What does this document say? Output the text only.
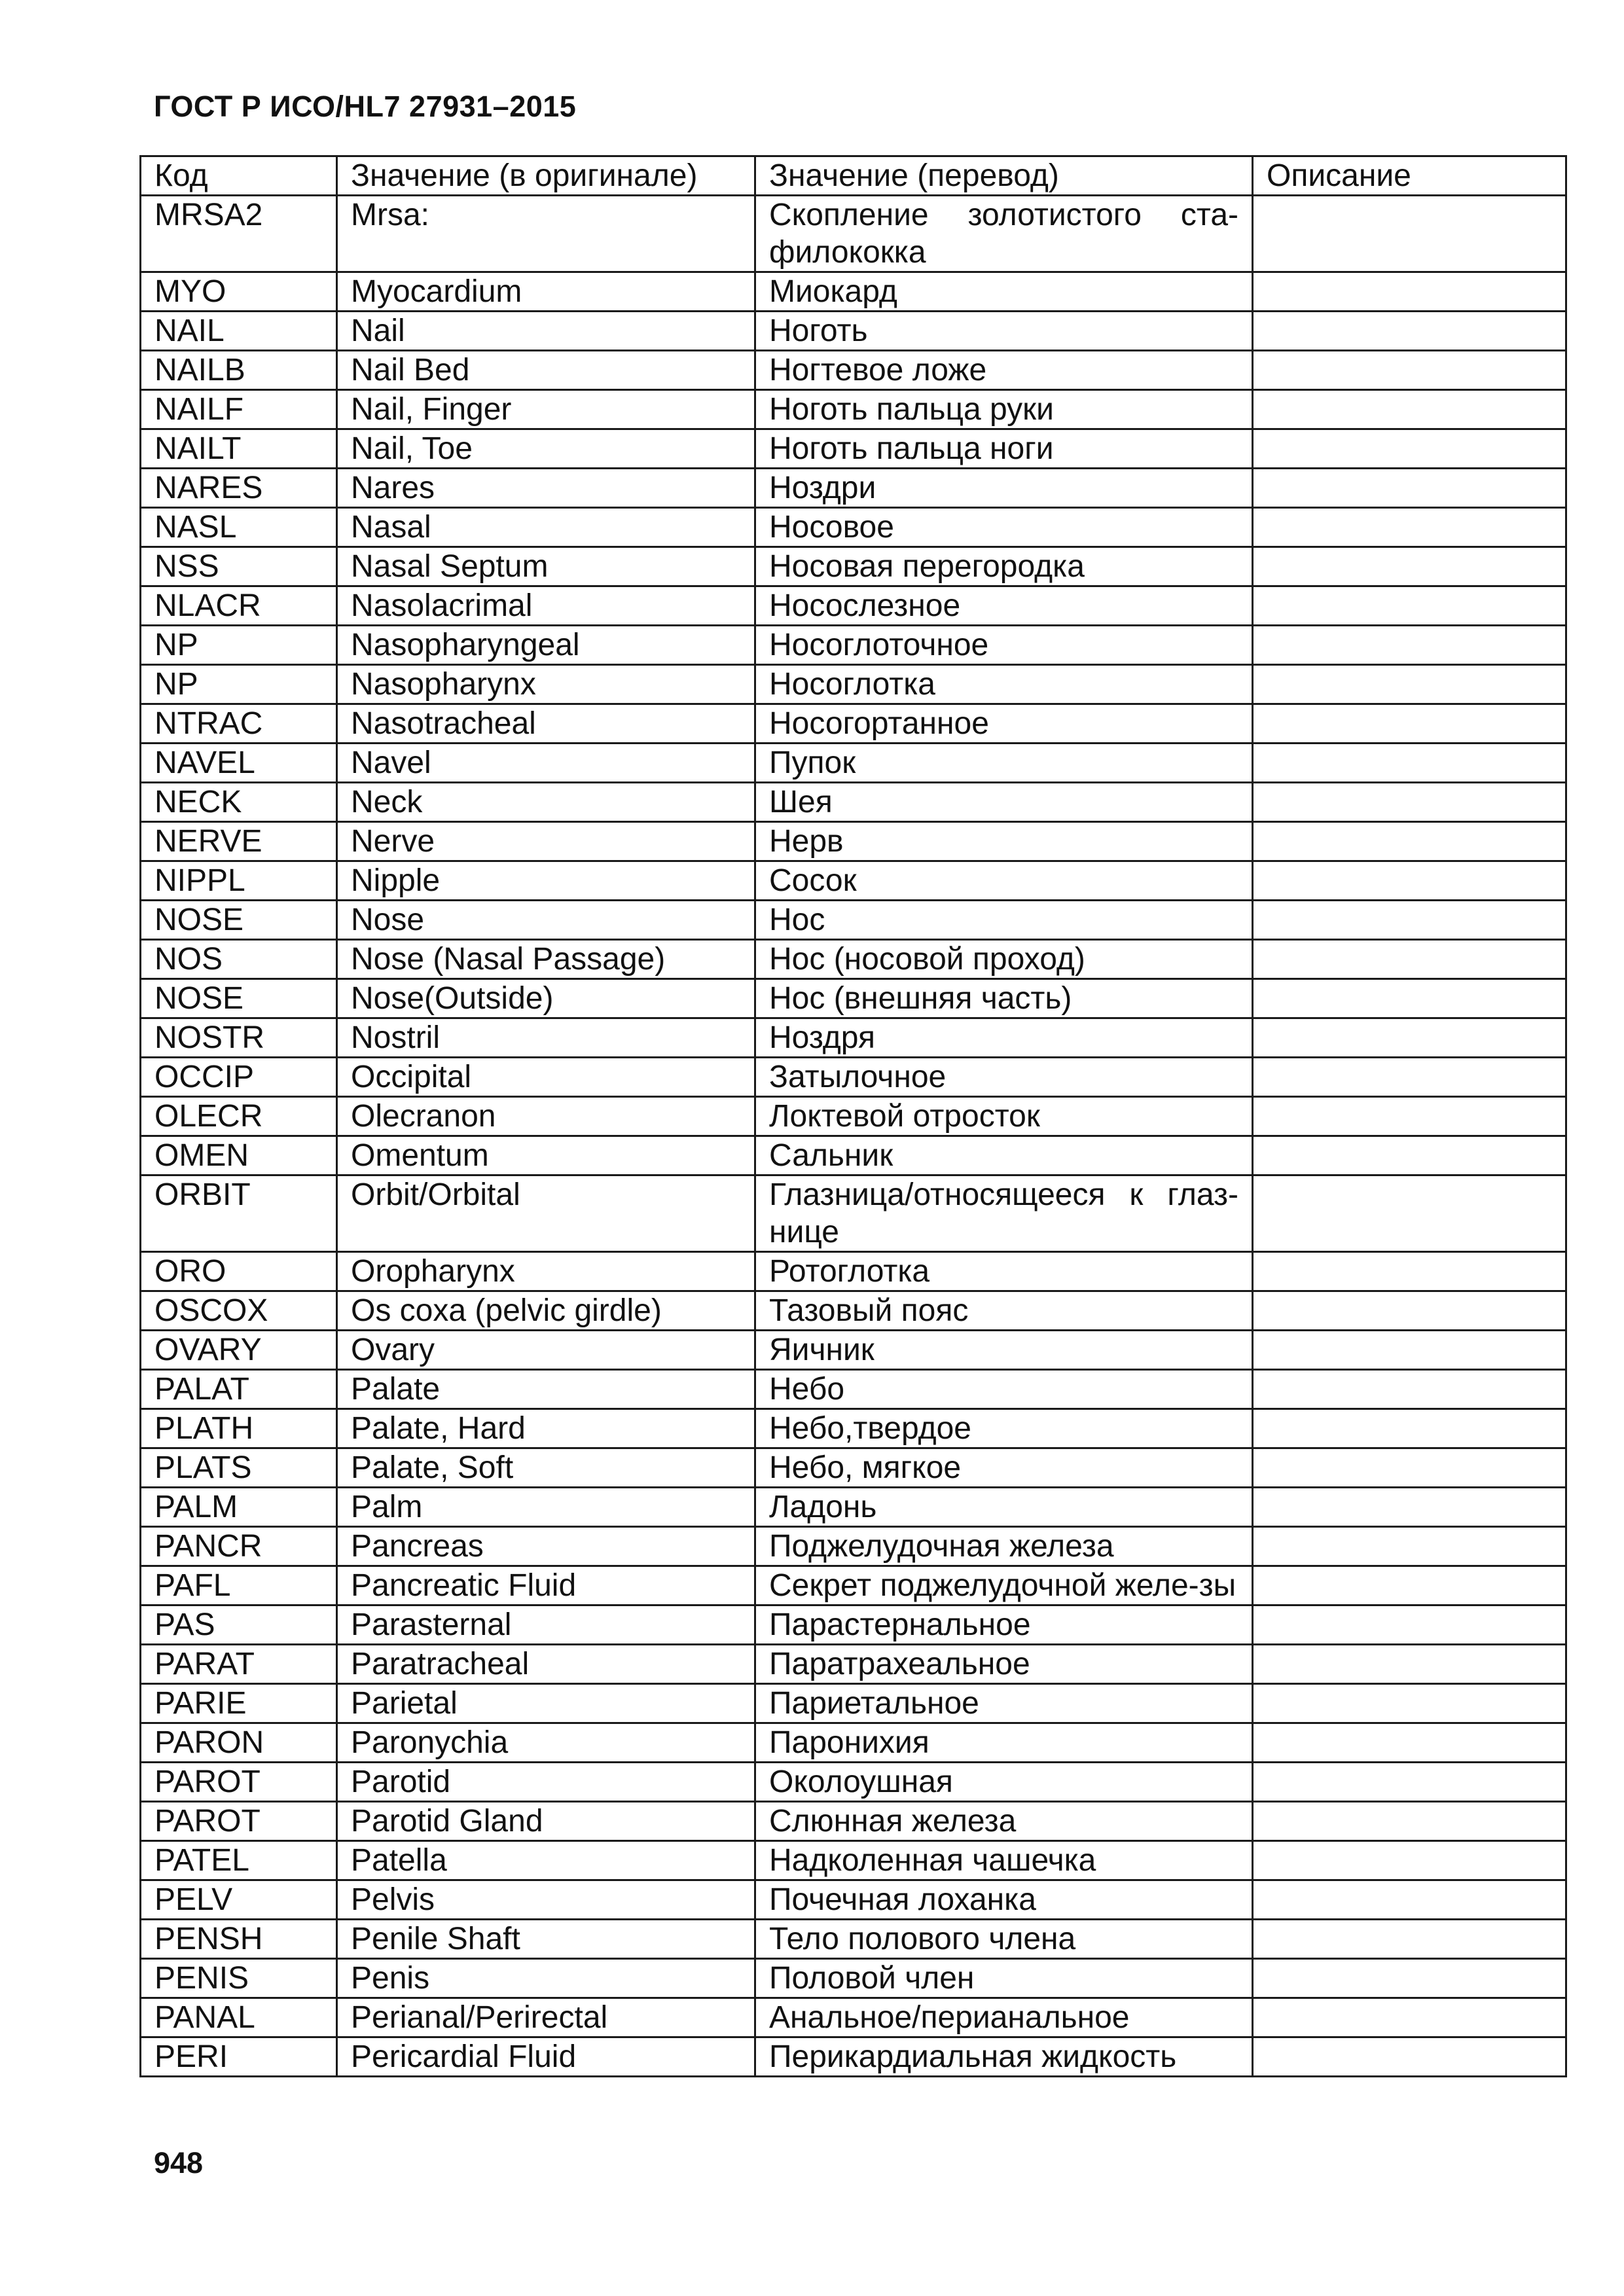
ГОСТ Р ИСО/HL7 27931–2015
Код	Значение (в оригинале)	Значение (перевод)	Описание
MRSA2	Mrsa:	Скопление золотистого ста-филококка	
MYO	Myocardium	Миокард	
NAIL	Nail	Ноготь	
NAILB	Nail Bed	Ногтевое ложе	
NAILF	Nail, Finger	Ноготь пальца руки	
NAILT	Nail, Toe	Ноготь пальца ноги	
NARES	Nares	Ноздри	
NASL	Nasal	Носовое	
NSS	Nasal Septum	Носовая перегородка	
NLACR	Nasolacrimal	Носослезное	
NP	Nasopharyngeal	Носоглоточное	
NP	Nasopharynx	Носоглотка	
NTRAC	Nasotracheal	Носогортанное	
NAVEL	Navel	Пупок	
NECK	Neck	Шея	
NERVE	Nerve	Нерв	
NIPPL	Nipple	Сосок	
NOSE	Nose	Нос	
NOS	Nose (Nasal Passage)	Нос (носовой проход)	
NOSE	Nose(Outside)	Нос (внешняя часть)	
NOSTR	Nostril	Ноздря	
OCCIP	Occipital	Затылочное	
OLECR	Olecranon	Локтевой отросток	
OMEN	Omentum	Сальник	
ORBIT	Orbit/Orbital	Глазница/относящееся к глаз-нице	
ORO	Oropharynx	Ротоглотка	
OSCOX	Os coxa (pelvic girdle)	Тазовый пояс	
OVARY	Ovary	Яичник	
PALAT	Palate	Небо	
PLATH	Palate, Hard	Небо,твердое	
PLATS	Palate, Soft	Небо, мягкое	
PALM	Palm	Ладонь	
PANCR	Pancreas	Поджелудочная железа	
PAFL	Pancreatic Fluid	Секрет поджелудочной желе-зы	
PAS	Parasternal	Парастернальное	
PARAT	Paratracheal	Паратрахеальное	
PARIE	Parietal	Париетальное	
PARON	Paronychia	Паронихия	
PAROT	Parotid	Околоушная	
PAROT	Parotid Gland	Слюнная железа	
PATEL	Patella	Надколенная чашечка	
PELV	Pelvis	Почечная лоханка	
PENSH	Penile Shaft	Тело полового члена	
PENIS	Penis	Половой член	
PANAL	Perianal/Perirectal	Анальное/перианальное	
PERI	Pericardial Fluid	Перикардиальная жидкость	
948
